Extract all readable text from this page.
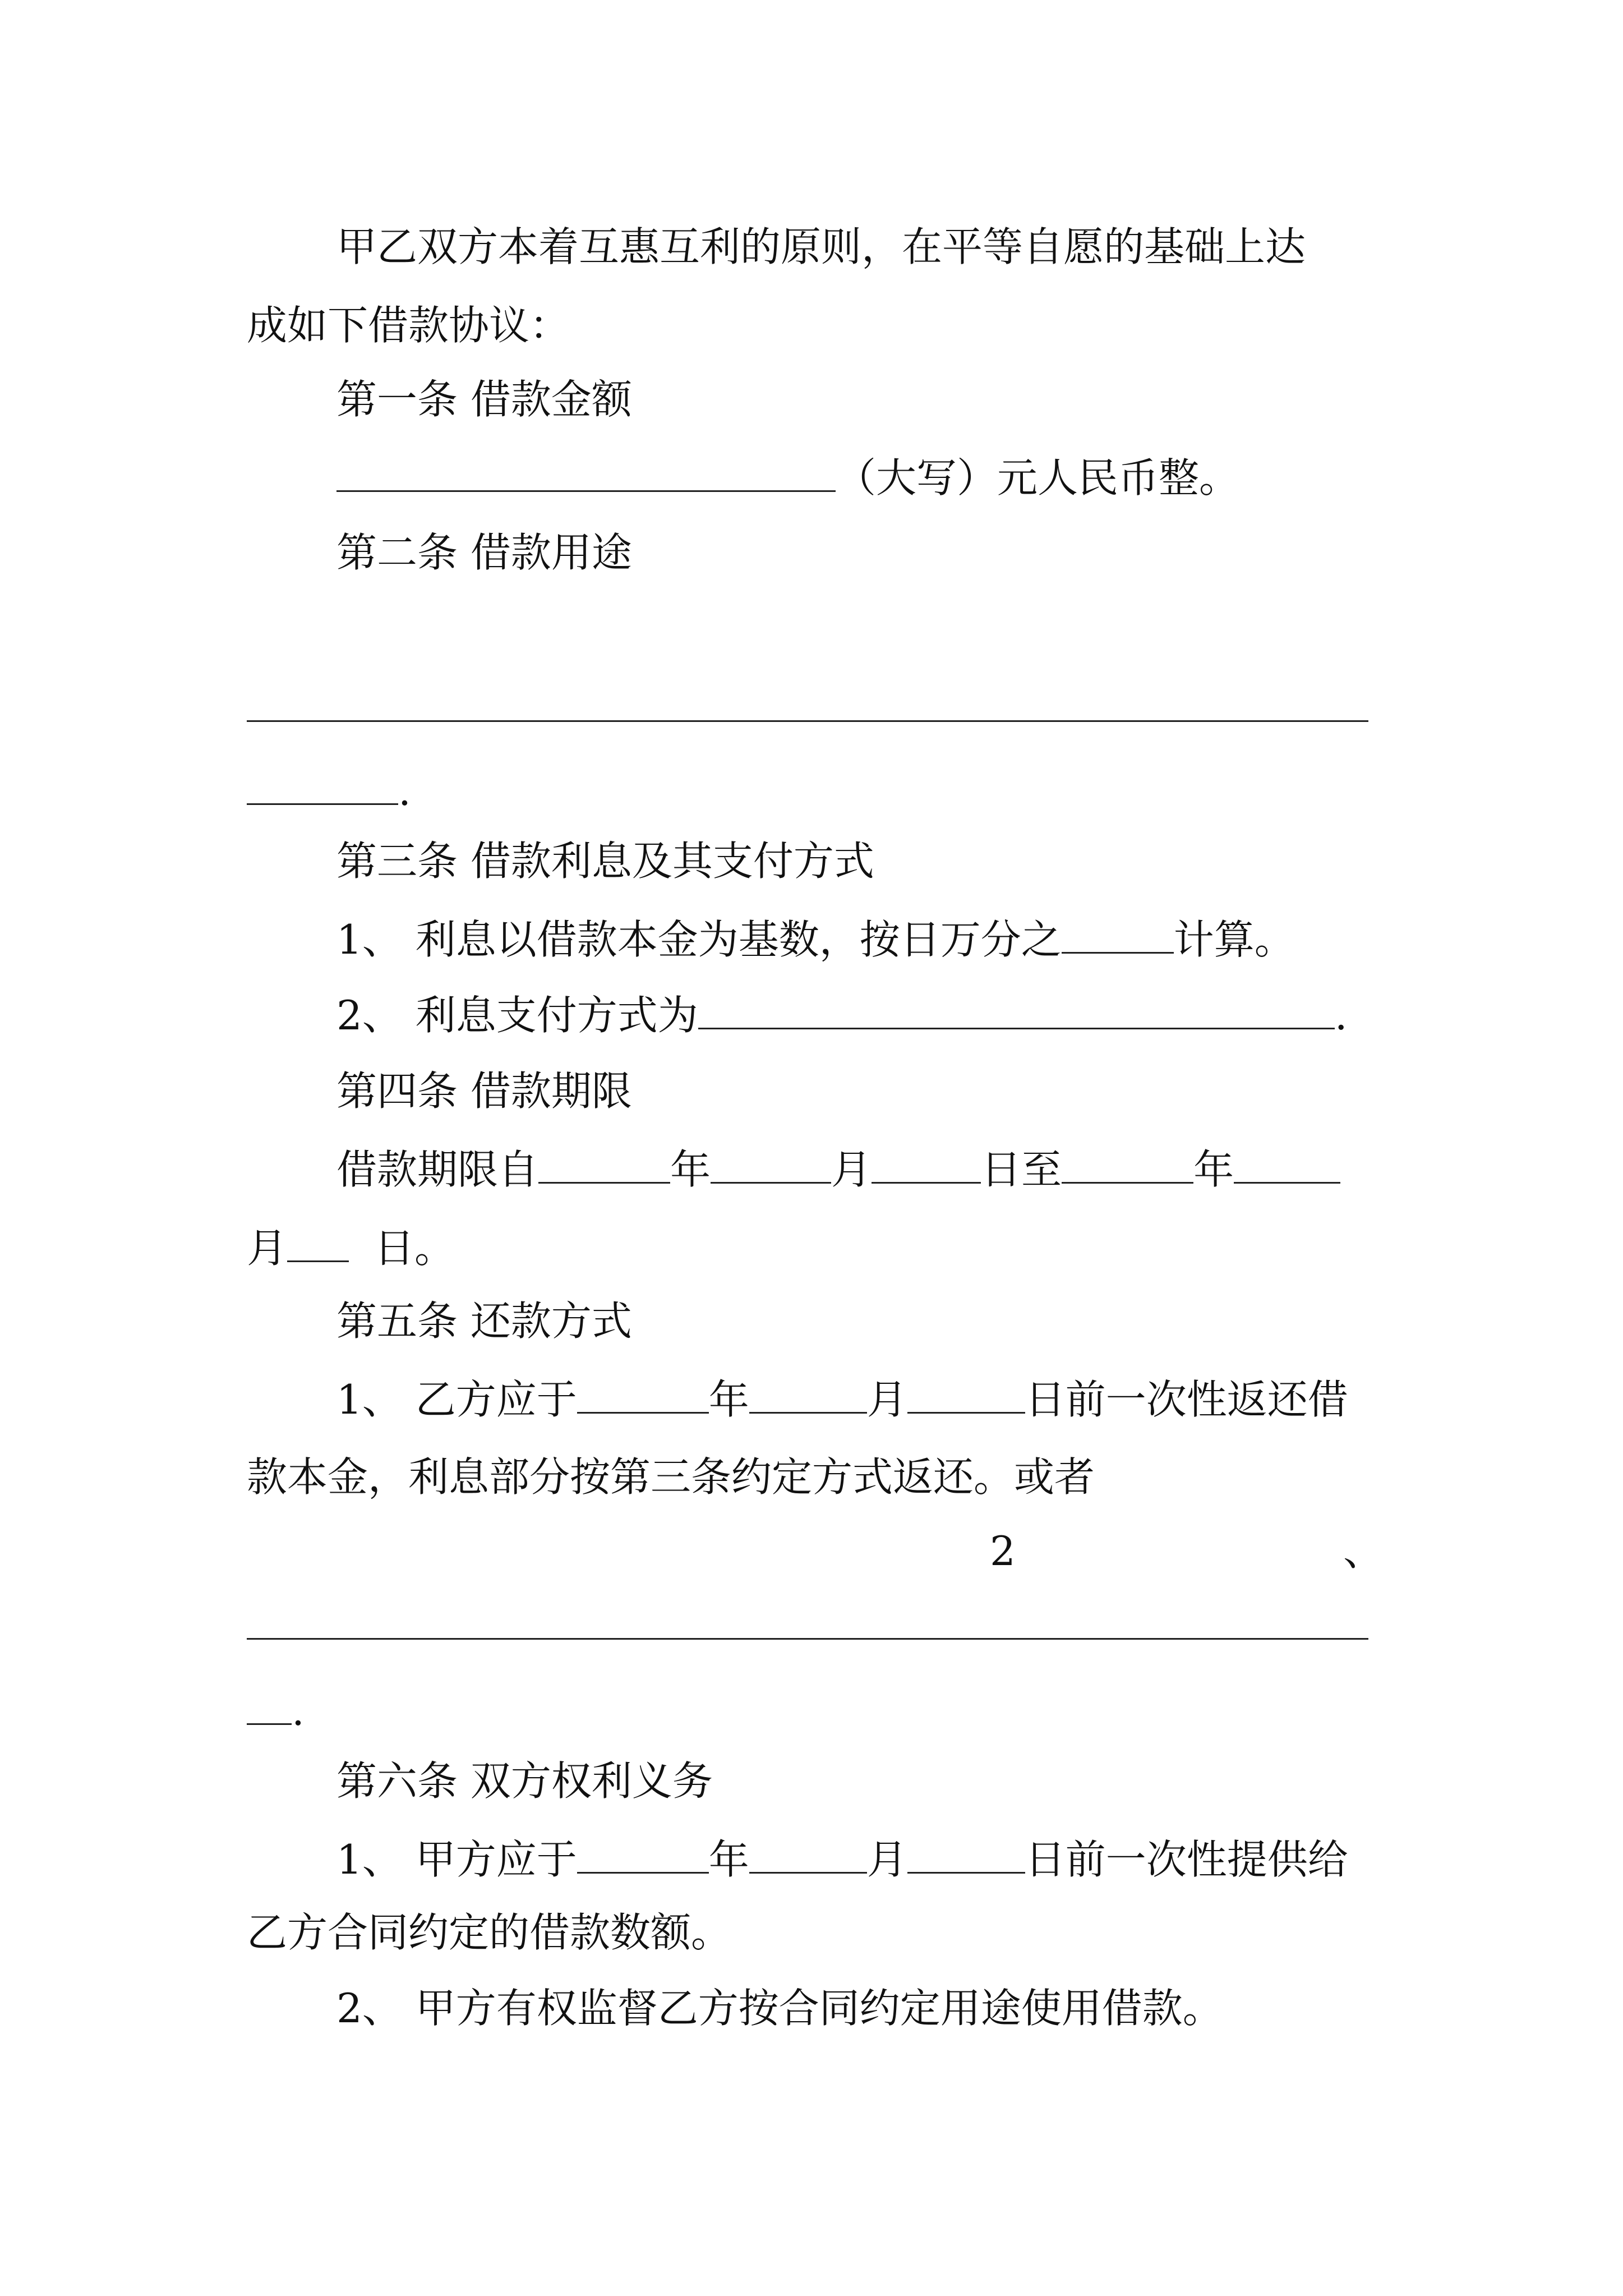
甲乙双方本着互惠互利的原则，在平等自愿的基础上达
成如下借款协议：
第一条 借款金额
（大写）元人民币整。
第二条 借款用途
.
第三条 借款利息及其支付方式
1、 利息以借款本金为基数，按日万分之	计算。
2、 利息支付方式为	.
第四条 借款期限
借款期限自	年	月	日至	年
月 日。
第五条 还款方式
1、 乙方应于	年	月	日前一次性返还借
款本金，利息部分按第三条约定方式返还。或者
2	、
.
第六条 双方权利义务
1、 甲方应于	年	月	日前一次性提供给
乙方合同约定的借款数额。
2、 甲方有权监督乙方按合同约定用途使用借款。
